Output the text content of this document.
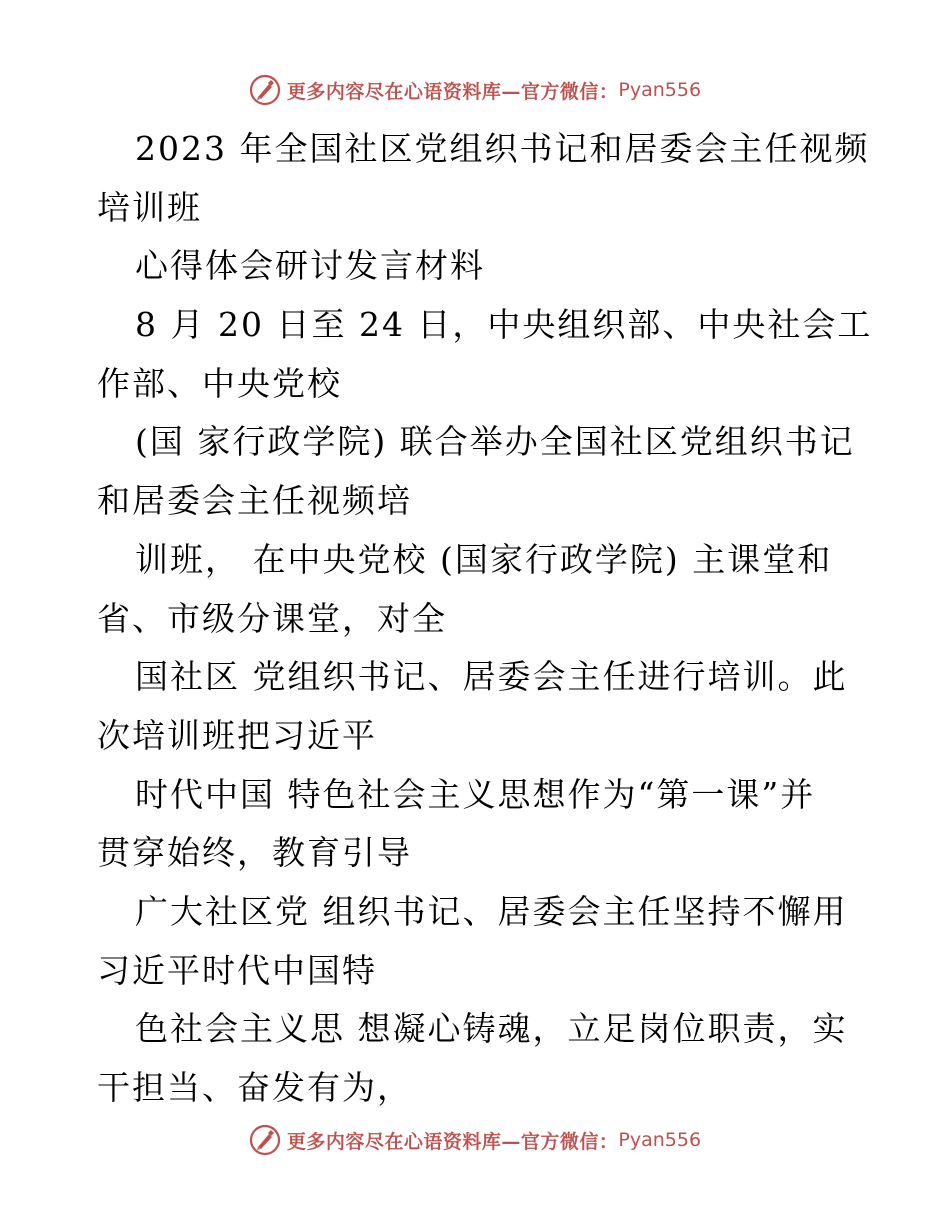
更多内容尽在心语资料库—官方微信： Pyan556
2023 年全国社区党组织书记和居委会主任视频
培训班
心得体会研讨发言材料
8 月 20 日至 24 日，中央组织部、中央社会工
作部、中央党校
(国 家行政学院) 联合举办全国社区党组织书记
和居委会主任视频培
训班， 在中央党校 (国家行政学院) 主课堂和
省、市级分课堂，对全
国社区 党组织书记、居委会主任进行培训。此
次培训班把习近平
时代中国 特色社会主义思想作为“第一课”并
贯穿始终，教育引导
广大社区党 组织书记、居委会主任坚持不懈用
习近平时代中国特
色社会主义思 想凝心铸魂，立足岗位职责，实
干担当、奋发有为，
更多内容尽在心语资料库—官方微信： Pyan556
